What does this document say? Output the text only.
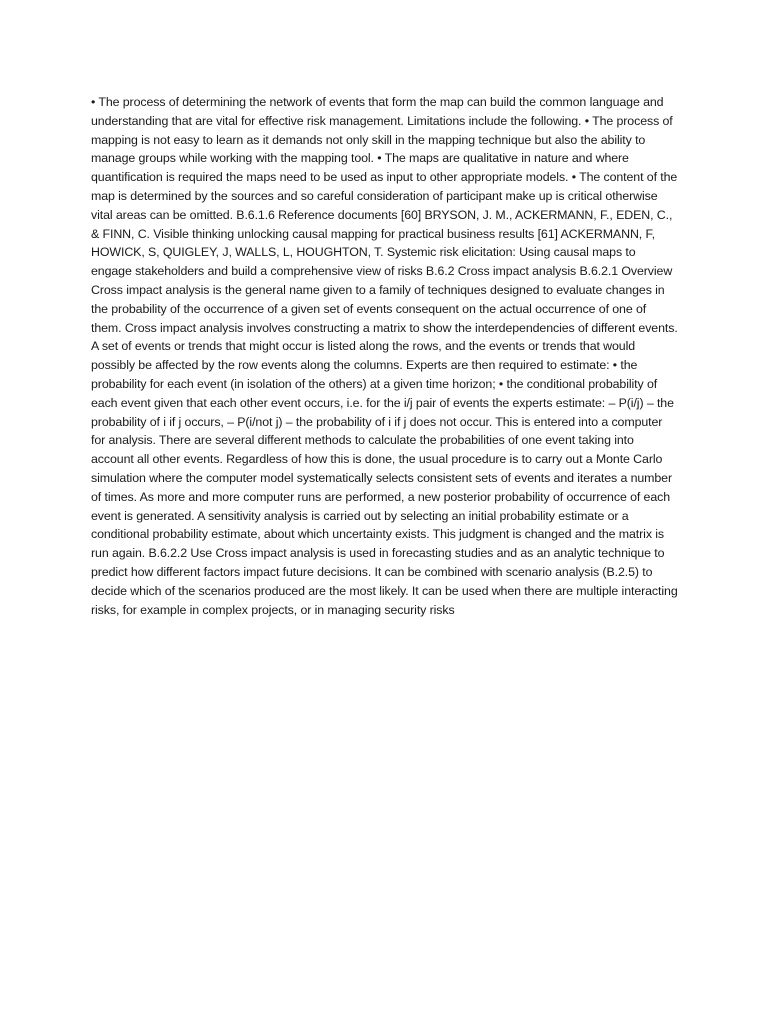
• The process of determining the network of events that form the map can build the common language and understanding that are vital for effective risk management. Limitations include the following. • The process of mapping is not easy to learn as it demands not only skill in the mapping technique but also the ability to manage groups while working with the mapping tool. • The maps are qualitative in nature and where quantification is required the maps need to be used as input to other appropriate models. • The content of the map is determined by the sources and so careful consideration of participant make up is critical otherwise vital areas can be omitted. B.6.1.6 Reference documents [60] BRYSON, J. M., ACKERMANN, F., EDEN, C., & FINN, C. Visible thinking unlocking causal mapping for practical business results [61] ACKERMANN, F, HOWICK, S, QUIGLEY, J, WALLS, L, HOUGHTON, T. Systemic risk elicitation: Using causal maps to engage stakeholders and build a comprehensive view of risks B.6.2 Cross impact analysis B.6.2.1 Overview Cross impact analysis is the general name given to a family of techniques designed to evaluate changes in the probability of the occurrence of a given set of events consequent on the actual occurrence of one of them. Cross impact analysis involves constructing a matrix to show the interdependencies of different events. A set of events or trends that might occur is listed along the rows, and the events or trends that would possibly be affected by the row events along the columns. Experts are then required to estimate: • the probability for each event (in isolation of the others) at a given time horizon; • the conditional probability of each event given that each other event occurs, i.e. for the i/j pair of events the experts estimate: – P(i/j) – the probability of i if j occurs, – P(i/not j) – the probability of i if j does not occur. This is entered into a computer for analysis. There are several different methods to calculate the probabilities of one event taking into account all other events. Regardless of how this is done, the usual procedure is to carry out a Monte Carlo simulation where the computer model systematically selects consistent sets of events and iterates a number of times. As more and more computer runs are performed, a new posterior probability of occurrence of each event is generated. A sensitivity analysis is carried out by selecting an initial probability estimate or a conditional probability estimate, about which uncertainty exists. This judgment is changed and the matrix is run again. B.6.2.2 Use Cross impact analysis is used in forecasting studies and as an analytic technique to predict how different factors impact future decisions. It can be combined with scenario analysis (B.2.5) to decide which of the scenarios produced are the most likely. It can be used when there are multiple interacting risks, for example in complex projects, or in managing security risks
